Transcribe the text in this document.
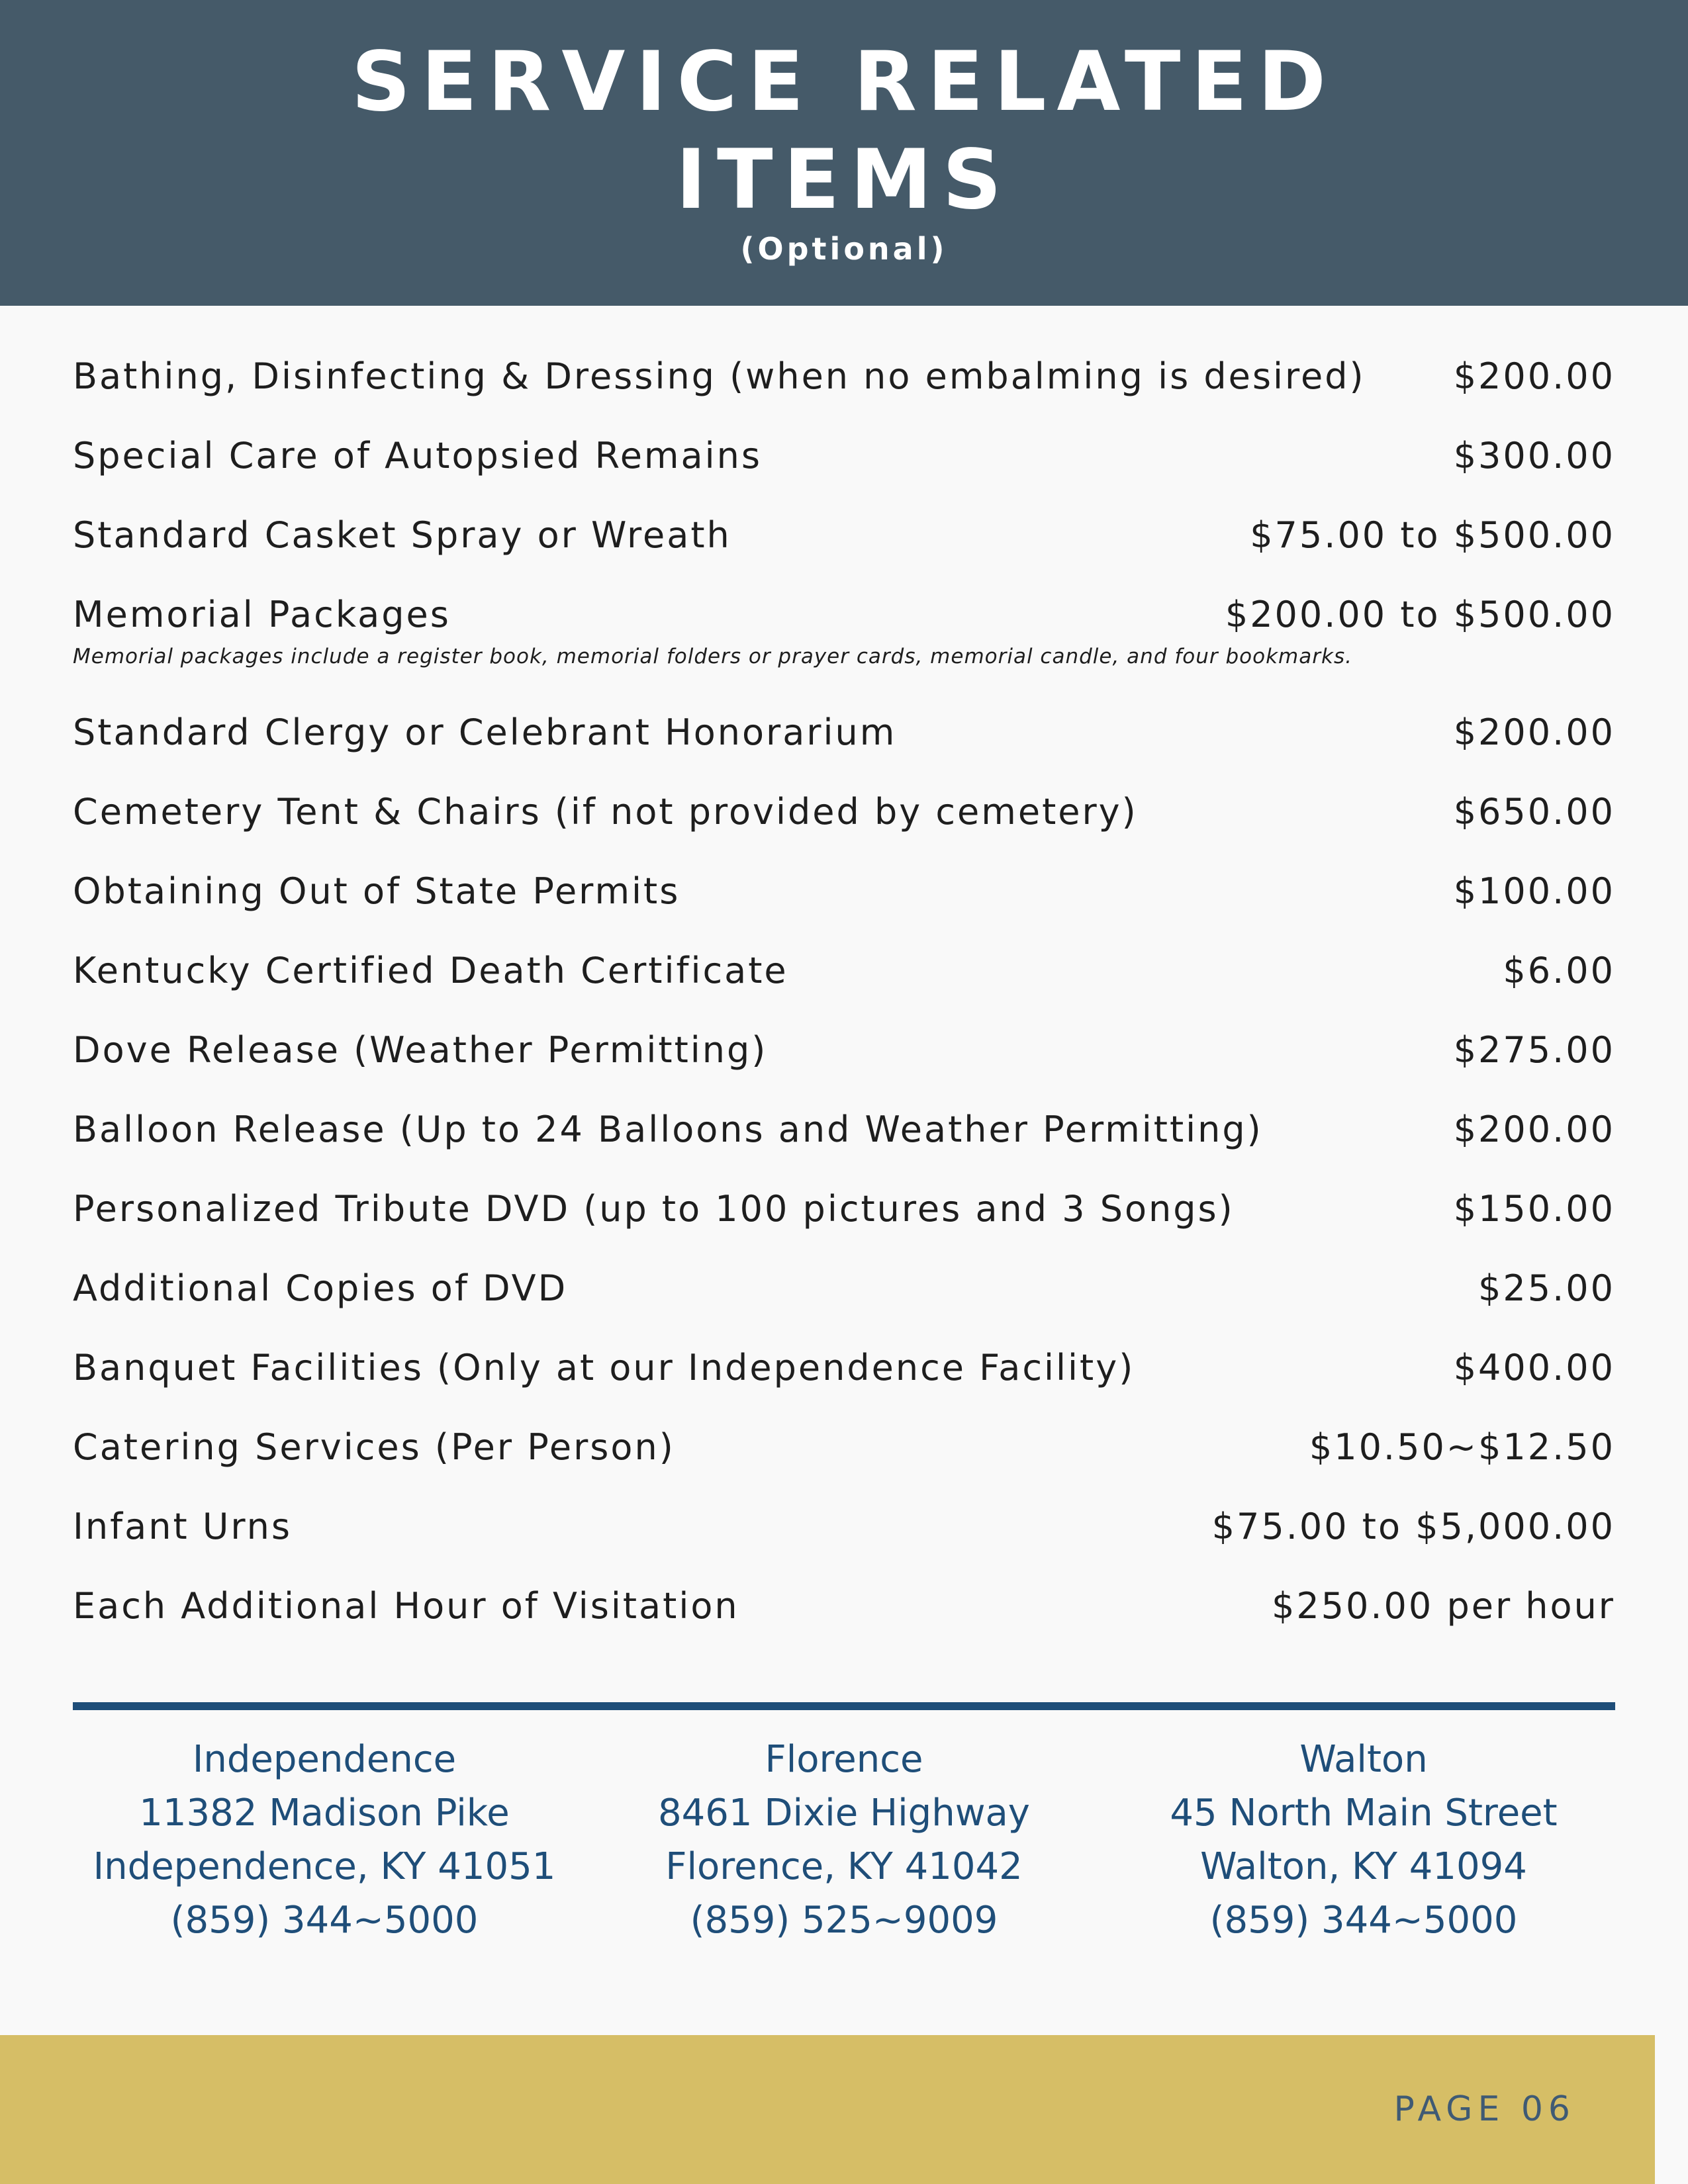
SERVICE RELATED
ITEMS
(Optional)
Bathing, Disinfecting & Dressing (when no embalming is desired) $200.00
Special Care of Autopsied Remains	$300.00
Standard Casket Spray or Wreath	$75.00 to $500.00
Memorial Packages	$200.00 to $500.00
Memorial packages include a register book, memorial folders or prayer cards, memorial candle, and four bookmarks.
Standard Clergy or Celebrant Honorarium	$200.00
Cemetery Tent & Chairs (if not provided by cemetery)	$650.00
Obtaining Out of State Permits	$100.00
Kentucky Certified Death Certificate	$6.00
Dove Release (Weather Permitting)	$275.00
Balloon Release (Up to 24 Balloons and Weather Permitting)	$200.00
Personalized Tribute DVD (up to 100 pictures and 3 Songs)	$150.00
Additional Copies of DVD	$25.00
Banquet Facilities (Only at our Independence Facility)	$400.00
Catering Services (Per Person)	$10.50~$12.50
Infant Urns	$75.00 to $5,000.00
Each Additional Hour of Visitation	$250.00 per hour
Independence
11382 Madison Pike
Independence, KY 41051
(859) 344~5000
Florence
8461 Dixie Highway
Florence, KY 41042
(859) 525~9009
Walton
45 North Main Street
Walton, KY 41094
(859) 344~5000
PAGE 06
